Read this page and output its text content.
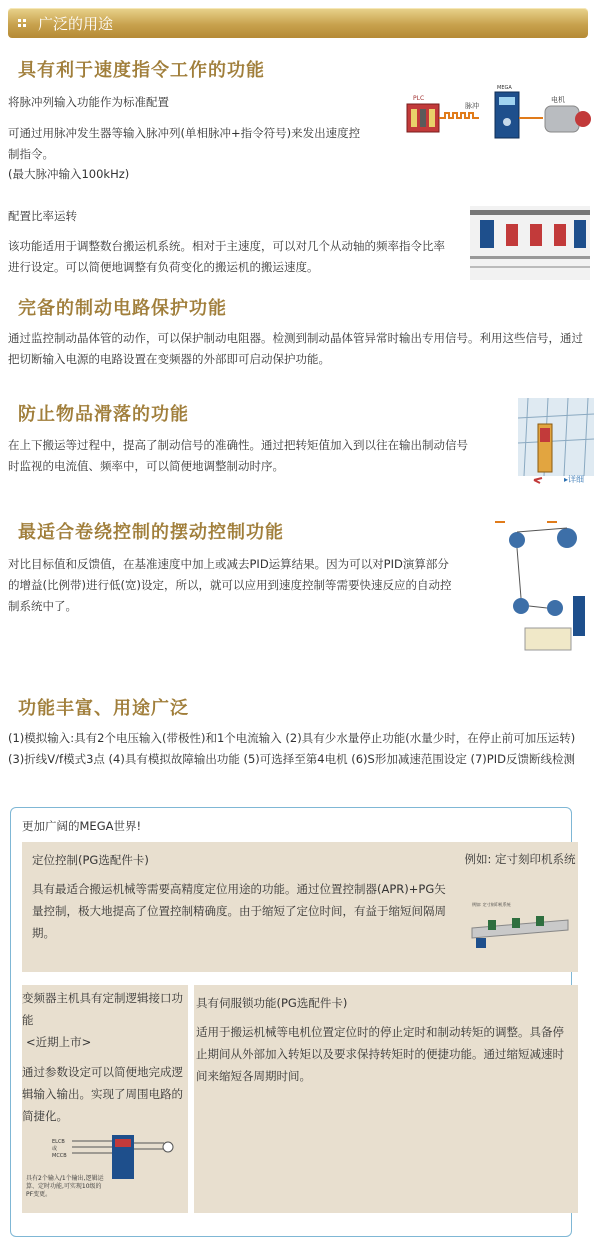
广泛的用途
具有利于速度指令工作的功能
将脉冲列输入功能作为标准配置
可通过用脉冲发生器等输入脉冲列(单相脉冲+指令符号)来发出速度控制指令。
(最大脉冲输入100kHz)
PLC
脉冲
MEGA
电机
配置比率运转
该功能适用于调整数台搬运机系统。相对于主速度，可以对几个从动轴的频率指令比率进行设定。可以简便地调整有负荷变化的搬运机的搬运速度。
完备的制动电路保护功能
通过监控制动晶体管的动作，可以保护制动电阻器。检测到制动晶体管异常时输出专用信号。利用这些信号，通过把切断输入电源的电路设置在变频器的外部即可启动保护功能。
防止物品滑落的功能
在上下搬运等过程中，提高了制动信号的准确性。通过把转矩值加入到以往在输出制动信号时监视的电流值、频率中，可以简便地调整制动时序。
▸详细
最适合卷绕控制的摆动控制功能
对比目标值和反馈值，在基准速度中加上或减去PID运算结果。因为可以对PID演算部分的增益(比例带)进行低(宽)设定，所以，就可以应用到速度控制等需要快速反应的自动控制系统中了。
功能丰富、用途广泛
(1)模拟输入:具有2个电压输入(带极性)和1个电流输入 (2)具有少水量停止功能(水量少时，在停止前可加压运转) (3)折线V/f模式3点 (4)具有模拟故障输出功能 (5)可选择至第4电机 (6)S形加减速范围设定 (7)PID反馈断线检测
更加广阔的MEGA世界!
定位控制(PG选配件卡)
具有最适合搬运机械等需要高精度定位用途的功能。通过位置控制器(APR)+PG矢量控制，极大地提高了位置控制精确度。由于缩短了定位时间，有益于缩短间隔周期。
例如: 定寸刻印机系统
例如: 定寸刻印机系统
变频器主机具有定制逻辑接口功能
<近期上市>
通过参数设定可以简便地完成逻辑输入输出。实现了周围电路的简捷化。
ELCB
或
MCCB
具有2个输入/1个输出,逻辑运算、定时功能,可实现10级的PF变更。
具有伺服锁功能(PG选配件卡)
适用于搬运机械等电机位置定位时的停止定时和制动转矩的调整。具备停止期间从外部加入转矩以及要求保持转矩时的便捷功能。通过缩短减速时间来缩短各周期时间。
